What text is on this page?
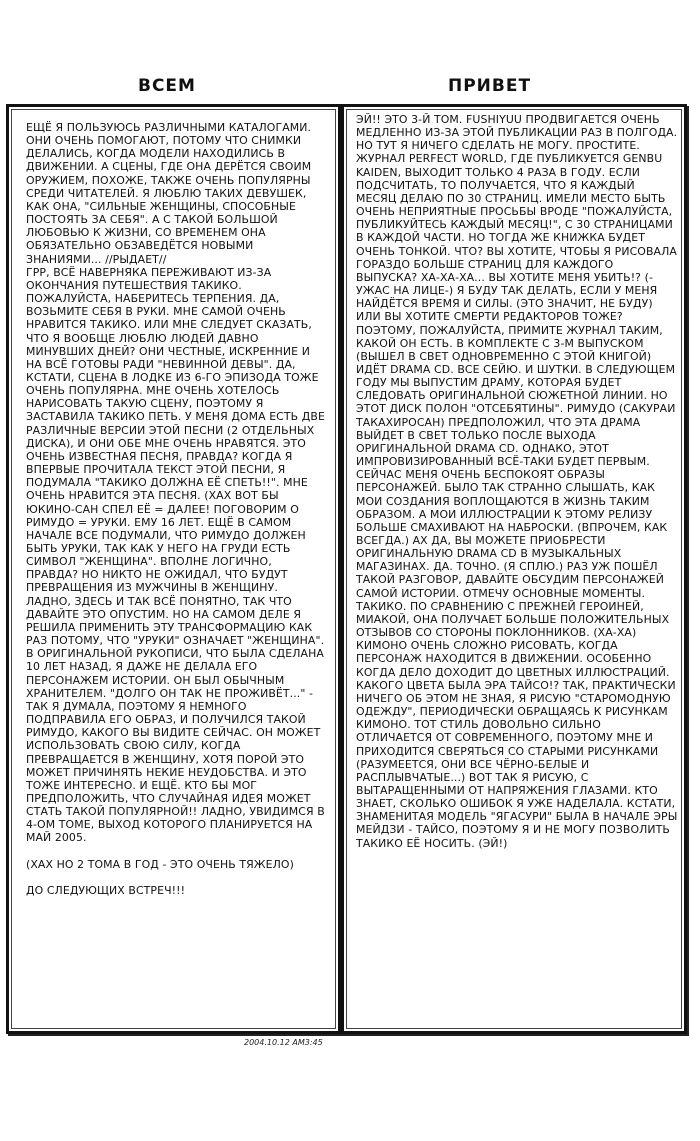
ВСЕМ	ПРИВЕТ

ЕЩЁ Я ПОЛЬЗУЮСЬ РАЗЛИЧНЫМИ КАТАЛОГАМИ. ОНИ ОЧЕНЬ ПОМОГАЮТ, ПОТОМУ ЧТО СНИМКИ ДЕЛАЛИСЬ, КОГДА МОДЕЛИ НАХОДИЛИСЬ В ДВИЖЕНИИ. А СЦЕНЫ, ГДЕ ОНА ДЕРЁТСЯ СВОИМ ОРУЖИЕМ, ПОХОЖЕ, ТАКЖЕ ОЧЕНЬ ПОПУЛЯРНЫ СРЕДИ ЧИТАТЕЛЕЙ. Я ЛЮБЛЮ ТАКИХ ДЕВУШЕК, КАК ОНА, "СИЛЬНЫЕ ЖЕНЩИНЫ, СПОСОБНЫЕ ПОСТОЯТЬ ЗА СЕБЯ". А С ТАКОЙ БОЛЬШОЙ ЛЮБОВЬЮ К ЖИЗНИ, СО ВРЕМЕНЕМ ОНА ОБЯЗАТЕЛЬНО ОБЗАВЕДЁТСЯ НОВЫМИ ЗНАНИЯМИ... //РЫДАЕТ//

ГРР, ВСЁ НАВЕРНЯКА ПЕРЕЖИВАЮТ ИЗ-ЗА ОКОНЧАНИЯ ПУТЕШЕСТВИЯ ТАКИКО. ПОЖАЛУЙСТА, НАБЕРИТЕСЬ ТЕРПЕНИЯ. ДА, ВОЗЬМИТЕ СЕБЯ В РУКИ. МНЕ САМОЙ ОЧЕНЬ НРАВИТСЯ ТАКИКО. ИЛИ МНЕ СЛЕДУЕТ СКАЗАТЬ, ЧТО Я ВООБЩЕ ЛЮБЛЮ ЛЮДЕЙ ДАВНО МИНУВШИХ ДНЕЙ? ОНИ ЧЕСТНЫЕ, ИСКРЕННИЕ И НА ВСЁ ГОТОВЫ РАДИ "НЕВИННОЙ ДЕВЫ". ДА, КСТАТИ, СЦЕНА В ЛОДКЕ ИЗ 6-ГО ЭПИЗОДА ТОЖЕ ОЧЕНЬ ПОПУЛЯРНА. МНЕ ОЧЕНЬ ХОТЕЛОСЬ НАРИСОВАТЬ ТАКУЮ СЦЕНУ, ПОЭТОМУ Я ЗАСТАВИЛА ТАКИКО ПЕТЬ. У МЕНЯ ДОМА ЕСТЬ ДВЕ РАЗЛИЧНЫЕ ВЕРСИИ ЭТОЙ ПЕСНИ (2 ОТДЕЛЬНЫХ ДИСКА), И ОНИ ОБЕ МНЕ ОЧЕНЬ НРАВЯТСЯ. ЭТО ОЧЕНЬ ИЗВЕСТНАЯ ПЕСНЯ, ПРАВДА? КОГДА Я ВПЕРВЫЕ ПРОЧИТАЛА ТЕКСТ ЭТОЙ ПЕСНИ, Я ПОДУМАЛА "ТАКИКО ДОЛЖНА ЕЁ СПЕТЬ!!". МНЕ ОЧЕНЬ НРАВИТСЯ ЭТА ПЕСНЯ. (ХАХ ВОТ БЫ ЮКИНО-САН СПЕЛ ЕЁ = ДАЛЕЕ! ПОГОВОРИМ О РИМУДО = УРУКИ. ЕМУ 16 ЛЕТ. ЕЩЁ В САМОМ НАЧАЛЕ ВСЕ ПОДУМАЛИ, ЧТО РИМУДО ДОЛЖЕН БЫТЬ УРУКИ, ТАК КАК У НЕГО НА ГРУДИ ЕСТЬ СИМВОЛ "ЖЕНЩИНА". ВПОЛНЕ ЛОГИЧНО, ПРАВДА? НО НИКТО НЕ ОЖИДАЛ, ЧТО БУДУТ ПРЕВРАЩЕНИЯ ИЗ МУЖЧИНЫ В ЖЕНЩИНУ. ЛАДНО, ЗДЕСЬ И ТАК ВСЁ ПОНЯТНО, ТАК ЧТО ДАВАЙТЕ ЭТО ОПУСТИМ. НО НА САМОМ ДЕЛЕ Я РЕШИЛА ПРИМЕНИТЬ ЭТУ ТРАНСФОРМАЦИЮ КАК РАЗ ПОТОМУ, ЧТО "УРУКИ" ОЗНАЧАЕТ "ЖЕНЩИНА". В ОРИГИНАЛЬНОЙ РУКОПИСИ, ЧТО БЫЛА СДЕЛАНА 10 ЛЕТ НАЗАД, Я ДАЖЕ НЕ ДЕЛАЛА ЕГО ПЕРСОНАЖЕМ ИСТОРИИ. ОН БЫЛ ОБЫЧНЫМ ХРАНИТЕЛЕМ. "ДОЛГО ОН ТАК НЕ ПРОЖИВЁТ..." - ТАК Я ДУМАЛА, ПОЭТОМУ Я НЕМНОГО ПОДПРАВИЛА ЕГО ОБРАЗ, И ПОЛУЧИЛСЯ ТАКОЙ РИМУДО, КАКОГО ВЫ ВИДИТЕ СЕЙЧАС. ОН МОЖЕТ ИСПОЛЬЗОВАТЬ СВОЮ СИЛУ, КОГДА ПРЕВРАЩАЕТСЯ В ЖЕНЩИНУ, ХОТЯ ПОРОЙ ЭТО МОЖЕТ ПРИЧИНЯТЬ НЕКИЕ НЕУДОБСТВА. И ЭТО ТОЖЕ ИНТЕРЕСНО. И ЕЩЁ. КТО БЫ МОГ ПРЕДПОЛОЖИТЬ, ЧТО СЛУЧАЙНАЯ ИДЕЯ МОЖЕТ СТАТЬ ТАКОЙ ПОПУЛЯРНОЙ!! ЛАДНО, УВИДИМСЯ В 4-ОМ ТОМЕ, ВЫХОД КОТОРОГО ПЛАНИРУЕТСЯ НА МАЙ 2005.

(ХАХ НО 2 ТОМА В ГОД - ЭТО ОЧЕНЬ ТЯЖЕЛО)

ДО СЛЕДУЮЩИХ ВСТРЕЧ!!!

ЭЙ!! ЭТО 3-Й ТОМ. FUSHIYUU ПРОДВИГАЕТСЯ ОЧЕНЬ МЕДЛЕННО ИЗ-ЗА ЭТОЙ ПУБЛИКАЦИИ РАЗ В ПОЛГОДА. НО ТУТ Я НИЧЕГО СДЕЛАТЬ НЕ МОГУ. ПРОСТИТЕ. ЖУРНАЛ PERFECT WORLD, ГДЕ ПУБЛИКУЕТСЯ GENBU KAIDEN, ВЫХОДИТ ТОЛЬКО 4 РАЗА В ГОДУ. ЕСЛИ ПОДСЧИТАТЬ, ТО ПОЛУЧАЕТСЯ, ЧТО Я КАЖДЫЙ МЕСЯЦ ДЕЛАЮ ПО 30 СТРАНИЦ. ИМЕЛИ МЕСТО БЫТЬ ОЧЕНЬ НЕПРИЯТНЫЕ ПРОСЬБЫ ВРОДЕ "ПОЖАЛУЙСТА, ПУБЛИКУЙТЕСЬ КАЖДЫЙ МЕСЯЦ!", С 30 СТРАНИЦАМИ В КАЖДОЙ ЧАСТИ. НО ТОГДА ЖЕ КНИЖКА БУДЕТ ОЧЕНЬ ТОНКОЙ. ЧТО? ВЫ ХОТИТЕ, ЧТОБЫ Я РИСОВАЛА ГОРАЗДО БОЛЬШЕ СТРАНИЦ ДЛЯ КАЖДОГО ВЫПУСКА? ХА-ХА-ХА... ВЫ ХОТИТЕ МЕНЯ УБИТЬ!? (-УЖАС НА ЛИЦЕ-) Я БУДУ ТАК ДЕЛАТЬ, ЕСЛИ У МЕНЯ НАЙДЁТСЯ ВРЕМЯ И СИЛЫ. (ЭТО ЗНАЧИТ, НЕ БУДУ) ИЛИ ВЫ ХОТИТЕ СМЕРТИ РЕДАКТОРОВ ТОЖЕ? ПОЭТОМУ, ПОЖАЛУЙСТА, ПРИМИТЕ ЖУРНАЛ ТАКИМ, КАКОЙ ОН ЕСТЬ. В КОМПЛЕКТЕ С 3-М ВЫПУСКОМ (ВЫШЕЛ В СВЕТ ОДНОВРЕМЕННО С ЭТОЙ КНИГОЙ) ИДЁТ DRAMA CD. ВСЕ СЕЙЮ. И ШУТКИ. В СЛЕДУЮЩЕМ ГОДУ МЫ ВЫПУСТИМ ДРАМУ, КОТОРАЯ БУДЕТ СЛЕДОВАТЬ ОРИГИНАЛЬНОЙ СЮЖЕТНОЙ ЛИНИИ. НО ЭТОТ ДИСК ПОЛОН "ОТСЕБЯТИНЫ". РИМУДО (САКУРАИ ТАКАХИРОСАН) ПРЕДПОЛОЖИЛ, ЧТО ЭТА ДРАМА ВЫЙДЕТ В СВЕТ ТОЛЬКО ПОСЛЕ ВЫХОДА ОРИГИНАЛЬНОЙ DRAMA CD. ОДНАКО, ЭТОТ ИМПРОВИЗИРОВАННЫЙ ВСЁ-ТАКИ БУДЕТ ПЕРВЫМ. СЕЙЧАС МЕНЯ ОЧЕНЬ БЕСПОКОЯТ ОБРАЗЫ ПЕРСОНАЖЕЙ. БЫЛО ТАК СТРАННО СЛЫШАТЬ, КАК МОИ СОЗДАНИЯ ВОПЛОЩАЮТСЯ В ЖИЗНЬ ТАКИМ ОБРАЗОМ. А МОИ ИЛЛЮСТРАЦИИ К ЭТОМУ РЕЛИЗУ БОЛЬШЕ СМАХИВАЮТ НА НАБРОСКИ. (ВПРОЧЕМ, КАК ВСЕГДА.) АХ ДА, ВЫ МОЖЕТЕ ПРИОБРЕСТИ ОРИГИНАЛЬНУЮ DRAMA CD В МУЗЫКАЛЬНЫХ МАГАЗИНАХ. ДА. ТОЧНО. (Я СПЛЮ.) РАЗ УЖ ПОШЁЛ ТАКОЙ РАЗГОВОР, ДАВАЙТЕ ОБСУДИМ ПЕРСОНАЖЕЙ САМОЙ ИСТОРИИ. ОТМЕЧУ ОСНОВНЫЕ МОМЕНТЫ. ТАКИКО. ПО СРАВНЕНИЮ С ПРЕЖНЕЙ ГЕРОИНЕЙ, МИАКОЙ, ОНА ПОЛУЧАЕТ БОЛЬШЕ ПОЛОЖИТЕЛЬНЫХ ОТЗЫВОВ СО СТОРОНЫ ПОКЛОННИКОВ. (ХА-ХА) КИМОНО ОЧЕНЬ СЛОЖНО РИСОВАТЬ, КОГДА ПЕРСОНАЖ НАХОДИТСЯ В ДВИЖЕНИИ. ОСОБЕННО КОГДА ДЕЛО ДОХОДИТ ДО ЦВЕТНЫХ ИЛЛЮСТРАЦИЙ. КАКОГО ЦВЕТА БЫЛА ЭРА ТАЙСО!? ТАК, ПРАКТИЧЕСКИ НИЧЕГО ОБ ЭТОМ НЕ ЗНАЯ, Я РИСУЮ "СТАРОМОДНУЮ ОДЕЖДУ", ПЕРИОДИЧЕСКИ ОБРАЩАЯСЬ К РИСУНКАМ КИМОНО. ТОТ СТИЛЬ ДОВОЛЬНО СИЛЬНО ОТЛИЧАЕТСЯ ОТ СОВРЕМЕННОГО, ПОЭТОМУ МНЕ И ПРИХОДИТСЯ СВЕРЯТЬСЯ СО СТАРЫМИ РИСУНКАМИ (РАЗУМЕЕТСЯ, ОНИ ВСЕ ЧЁРНО-БЕЛЫЕ И РАСПЛЫВЧАТЫЕ...) ВОТ ТАК Я РИСУЮ, С ВЫТАРАЩЕННЫМИ ОТ НАПРЯЖЕНИЯ ГЛАЗАМИ. КТО ЗНАЕТ, СКОЛЬКО ОШИБОК Я УЖЕ НАДЕЛАЛА. КСТАТИ, ЗНАМЕНИТАЯ МОДЕЛЬ "ЯГАСУРИ" БЫЛА В НАЧАЛЕ ЭРЫ МЕЙДЗИ - ТАЙСО, ПОЭТОМУ Я И НЕ МОГУ ПОЗВОЛИТЬ ТАКИКО ЕЁ НОСИТЬ. (ЭЙ!)

2004.10.12 AM3:45
